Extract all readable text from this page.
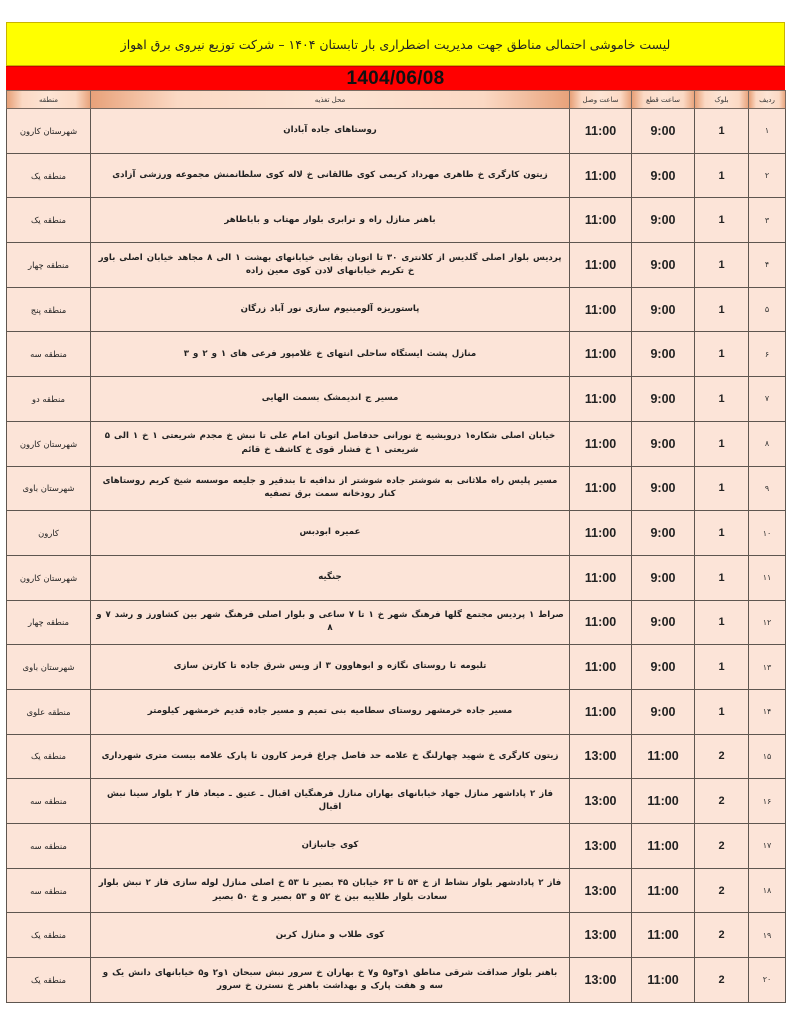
لیست خاموشی احتمالی مناطق جهت مدیریت اضطراری بار تابستان ۱۴۰۴ – شرکت توزیع نیروی برق اهواز
1404/06/08
ردیف	بلوک	ساعت قطع	ساعت وصل	محل تغذیه	منطقه
۱	1	9:00	11:00	روستاهای جاده آبادان	شهرستان کارون
۲	1	9:00	11:00	زیتون کارگری خ طاهری مهرداد کریمی کوی طالقانی خ لاله کوی سلطانمنش مجموعه ورزشی آزادی	منطقه یک
۳	1	9:00	11:00	باهنر منازل راه و ترابری بلوار مهتاب و باباطاهر	منطقه یک
۴	1	9:00	11:00	پردیس بلوار اصلی گلدیس از کلانتری ۳۰ تا اتوبان بقایی خیابانهای بهشت ۱ الی ۸ مجاهد خیابان اصلی باور خ تکریم خیابانهای لادن کوی معین زاده	منطقه چهار
۵	1	9:00	11:00	پاستوریزه آلومینیوم سازی نور آباد زرگان	منطقه پنج
۶	1	9:00	11:00	منازل پشت ایستگاه ساحلی انتهای خ غلامپور فرعی های ۱ و ۲ و ۳	منطقه سه
۷	1	9:00	11:00	مسیر ج اندیمشک بسمت الهایی	منطقه دو
۸	1	9:00	11:00	خیابان اصلی شکاره۱ درویشیه خ نورانی حدفاصل اتوبان امام علی تا نبش خ مجدم شریعتی ۱ خ ۱ الی ۵ شریعتی ۱ خ فشار قوی خ کاشف خ قائم	شهرستان کارون
۹	1	9:00	11:00	مسیر پلیس راه ملاثانی به شوشتر جاده شوشتر از ندافیه تا بندقیر و جلیعه موسسه شیخ کریم روستاهای کنار رودخانه سمت برق تصفیه	شهرستان باوی
۱۰	1	9:00	11:00	عمیره ابودبس	کارون
۱۱	1	9:00	11:00	جنگیه	شهرستان کارون
۱۲	1	9:00	11:00	صراط ۱ پردیس مجتمع گلها فرهنگ شهر خ ۱ تا ۷ ساعی و بلوار اصلی فرهنگ شهر بین کشاورز و رشد ۷ و ۸	منطقه چهار
۱۳	1	9:00	11:00	تلبومه تا روستای نگازه و ابوهاوون ۳ از ویس شرق جاده تا کارتن سازی	شهرستان باوی
۱۴	1	9:00	11:00	مسیر جاده خرمشهر روستای سطامیه بنی تمیم و مسیر جاده قدیم خرمشهر کیلومتر	منطقه علوی
۱۵	2	11:00	13:00	زیتون کارگری خ شهید چهارلنگ خ علامه حد فاصل چراغ قرمز کارون تا پارک علامه بیست متری شهرداری	منطقه یک
۱۶	2	11:00	13:00	فاز ۲ پاداشهر منازل جهاد خیابانهای بهاران منازل فرهنگیان اقبال ـ عتیق ـ میعاد فاز ۲ بلوار سینا نبش اقبال	منطقه سه
۱۷	2	11:00	13:00	کوی جانبازان	منطقه سه
۱۸	2	11:00	13:00	فاز ۲ پادادشهر بلوار نشاط از خ ۵۴ تا ۶۳ خیابان ۴۵ بصیر تا ۵۳ خ اصلی منازل لوله سازی فاز ۲ نبش بلوار سعادت بلوار طلاییه بین خ ۵۲ و ۵۳ بصیر و خ ۵۰ بصیر	منطقه سه
۱۹	2	11:00	13:00	کوی طلاب و منازل کربن	منطقه یک
۲۰	2	11:00	13:00	باهنر بلوار صداقت شرقی مناطق ۱و۳و۵ و۷ خ بهاران خ سرور نبش سبحان ۱و۲ و۵ خیابانهای دانش یک و سه و هفت پارک و بهداشت باهنر خ نسترن خ سرور	منطقه یک
